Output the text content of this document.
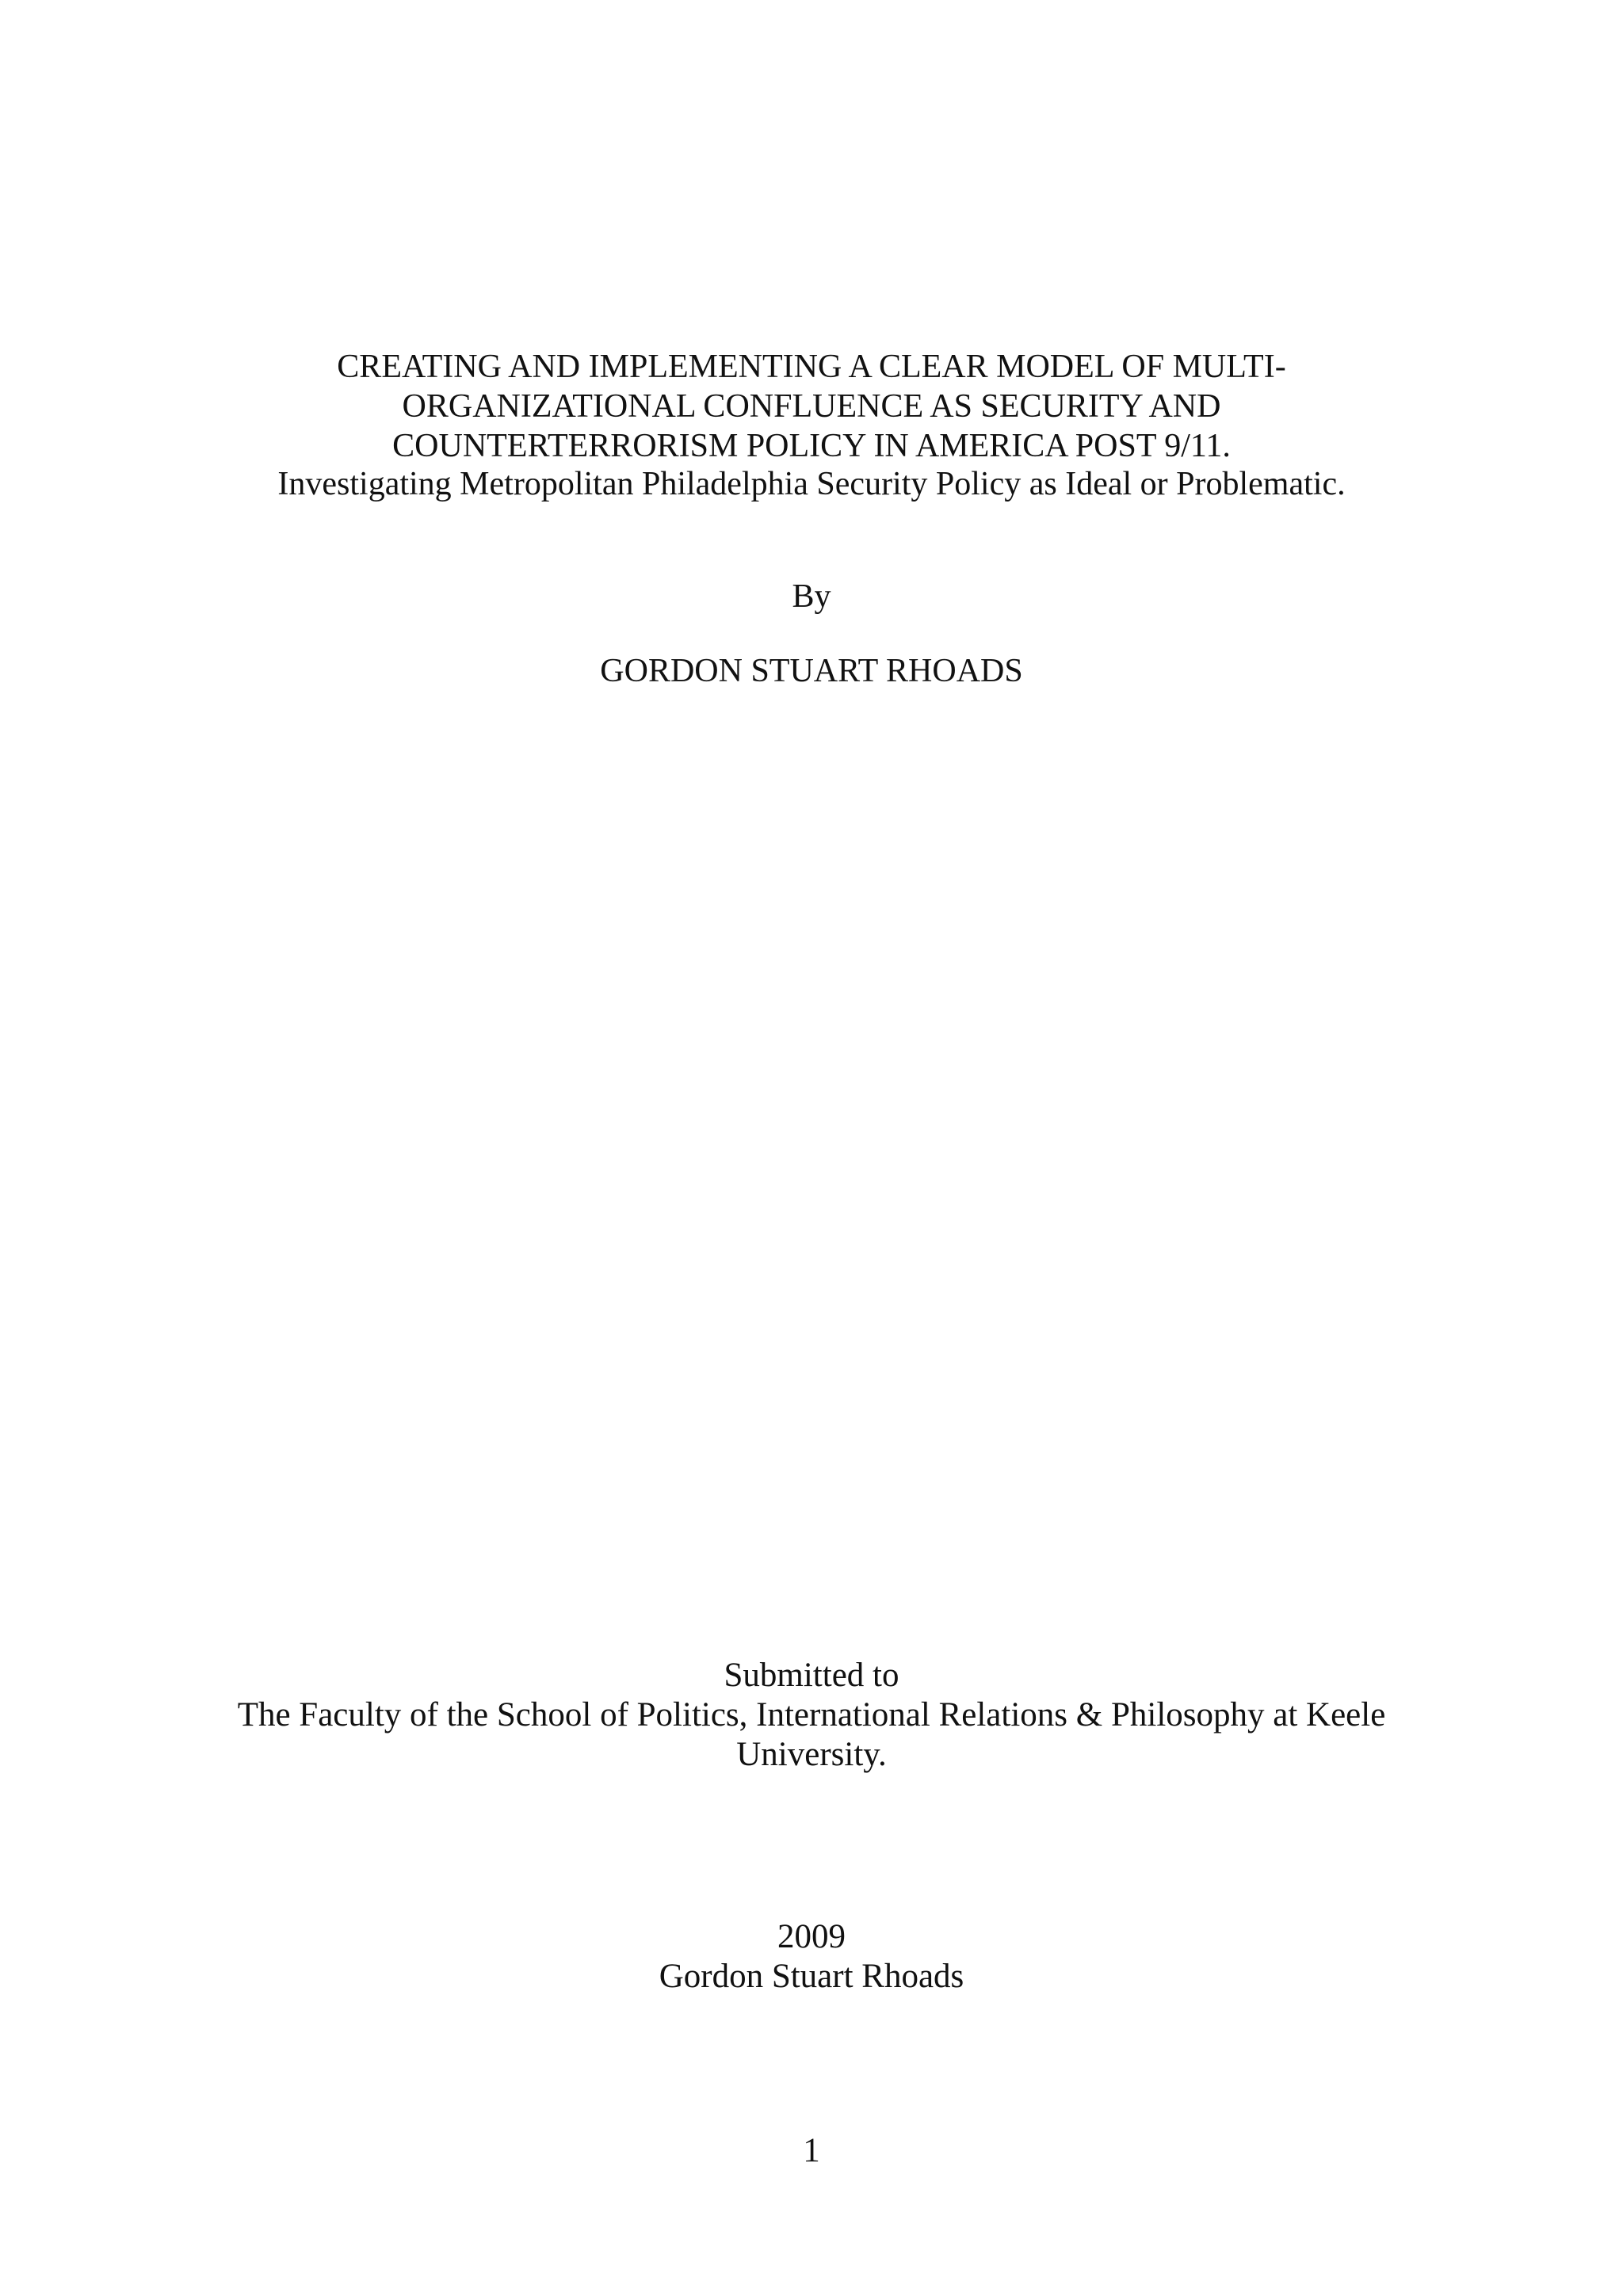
CREATING AND IMPLEMENTING A CLEAR MODEL OF MULTI-
ORGANIZATIONAL CONFLUENCE AS SECURITY AND
COUNTERTERRORISM POLICY IN AMERICA POST 9/11.
Investigating Metropolitan Philadelphia Security Policy as Ideal or Problematic.
By
GORDON STUART RHOADS
Submitted to
The Faculty of the School of Politics, International Relations & Philosophy at Keele
University.
2009
Gordon Stuart Rhoads
1
